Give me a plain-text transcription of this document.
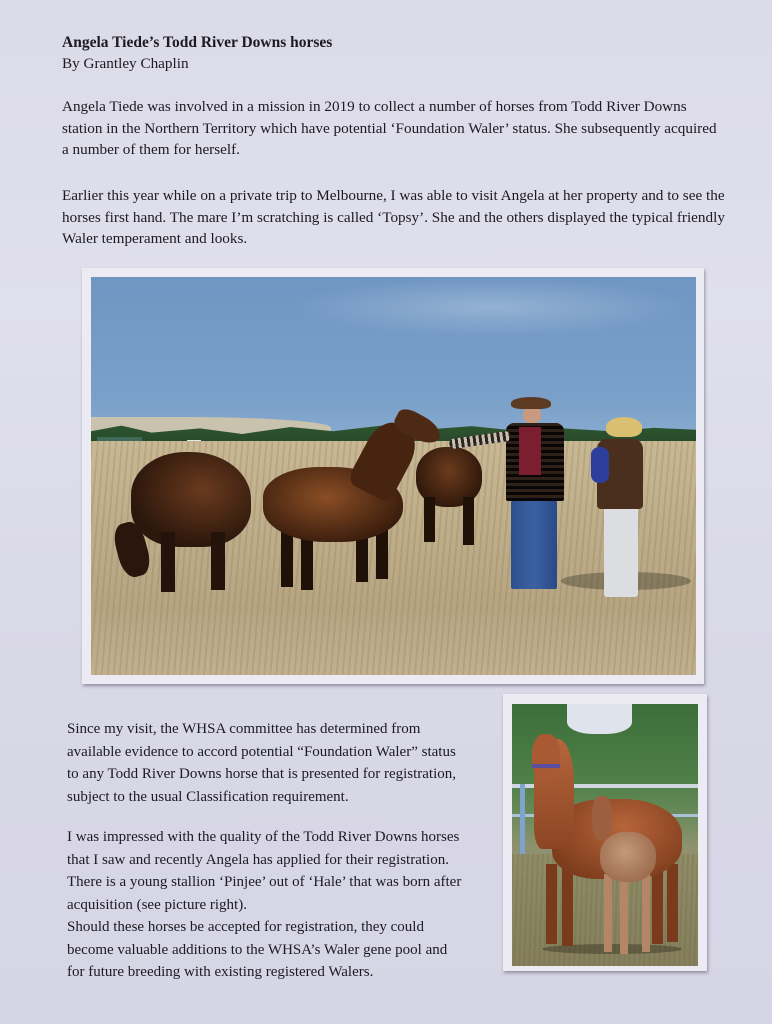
Angela Tiede’s Todd River Downs horses
By Grantley Chaplin

Angela Tiede was involved in a mission in 2019 to collect a number of horses from Todd River Downs station in the Northern Territory which have potential ‘Foundation Waler’ status. She subsequently acquired a number of them for herself.

Earlier this year while on a private trip to Melbourne, I was able to visit Angela at her property and to see the horses first hand. The mare I’m scratching is called ‘Topsy’. She and the others displayed the typical friendly Waler temperament and looks.

Since my visit, the WHSA committee has determined from available evidence to accord potential “Foundation Waler” status to any Todd River Downs horse that is presented for registration, subject to the usual Classification requirement.

I was impressed with the quality of the Todd River Downs horses that I saw and recently Angela has applied for their registration. There is a young stallion ‘Pinjee’ out of ‘Hale’ that was born after acquisition (see picture right).

Should these horses be accepted for registration, they could become valuable additions to the WHSA’s Waler gene pool and for future breeding with existing registered Walers.
